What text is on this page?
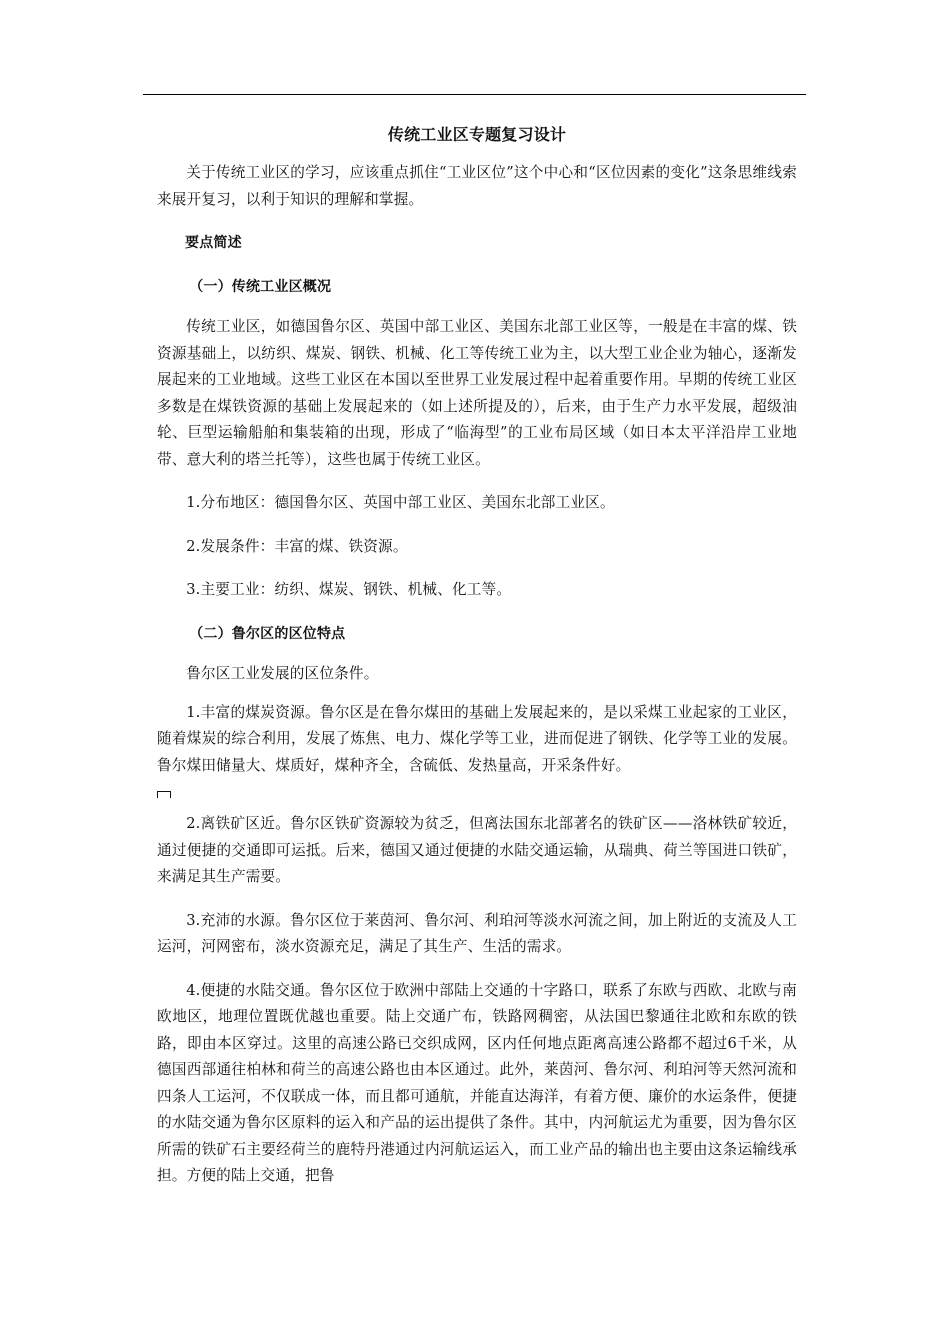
传统工业区专题复习设计

关于传统工业区的学习，应该重点抓住“工业区位”这个中心和“区位因素的变化”这条思维线索来展开复习，以利于知识的理解和掌握。

要点简述

（一）传统工业区概况

传统工业区，如德国鲁尔区、英国中部工业区、美国东北部工业区等，一般是在丰富的煤、铁资源基础上，以纺织、煤炭、钢铁、机械、化工等传统工业为主，以大型工业企业为轴心，逐渐发展起来的工业地域。这些工业区在本国以至世界工业发展过程中起着重要作用。早期的传统工业区多数是在煤铁资源的基础上发展起来的（如上述所提及的），后来，由于生产力水平发展，超级油轮、巨型运输船舶和集装箱的出现，形成了“临海型”的工业布局区域（如日本太平洋沿岸工业地带、意大利的塔兰托等），这些也属于传统工业区。

1.分布地区：德国鲁尔区、英国中部工业区、美国东北部工业区。

2.发展条件：丰富的煤、铁资源。

3.主要工业：纺织、煤炭、钢铁、机械、化工等。

（二）鲁尔区的区位特点

鲁尔区工业发展的区位条件。

1.丰富的煤炭资源。鲁尔区是在鲁尔煤田的基础上发展起来的，是以采煤工业起家的工业区，随着煤炭的综合利用，发展了炼焦、电力、煤化学等工业，进而促进了钢铁、化学等工业的发展。鲁尔煤田储量大、煤质好，煤种齐全，含硫低、发热量高，开采条件好。

2.离铁矿区近。鲁尔区铁矿资源较为贫乏，但离法国东北部著名的铁矿区——洛林铁矿较近，通过便捷的交通即可运抵。后来，德国又通过便捷的水陆交通运输，从瑞典、荷兰等国进口铁矿，来满足其生产需要。

3.充沛的水源。鲁尔区位于莱茵河、鲁尔河、利珀河等淡水河流之间，加上附近的支流及人工运河，河网密布，淡水资源充足，满足了其生产、生活的需求。

4.便捷的水陆交通。鲁尔区位于欧洲中部陆上交通的十字路口，联系了东欧与西欧、北欧与南欧地区，地理位置既优越也重要。陆上交通广布，铁路网稠密，从法国巴黎通往北欧和东欧的铁路，即由本区穿过。这里的高速公路已交织成网，区内任何地点距离高速公路都不超过6千米，从德国西部通往柏林和荷兰的高速公路也由本区通过。此外，莱茵河、鲁尔河、利珀河等天然河流和四条人工运河，不仅联成一体，而且都可通航，并能直达海洋，有着方便、廉价的水运条件，便捷的水陆交通为鲁尔区原料的运入和产品的运出提供了条件。其中，内河航运尤为重要，因为鲁尔区所需的铁矿石主要经荷兰的鹿特丹港通过内河航运运入，而工业产品的输出也主要由这条运输线承担。方便的陆上交通，把鲁
